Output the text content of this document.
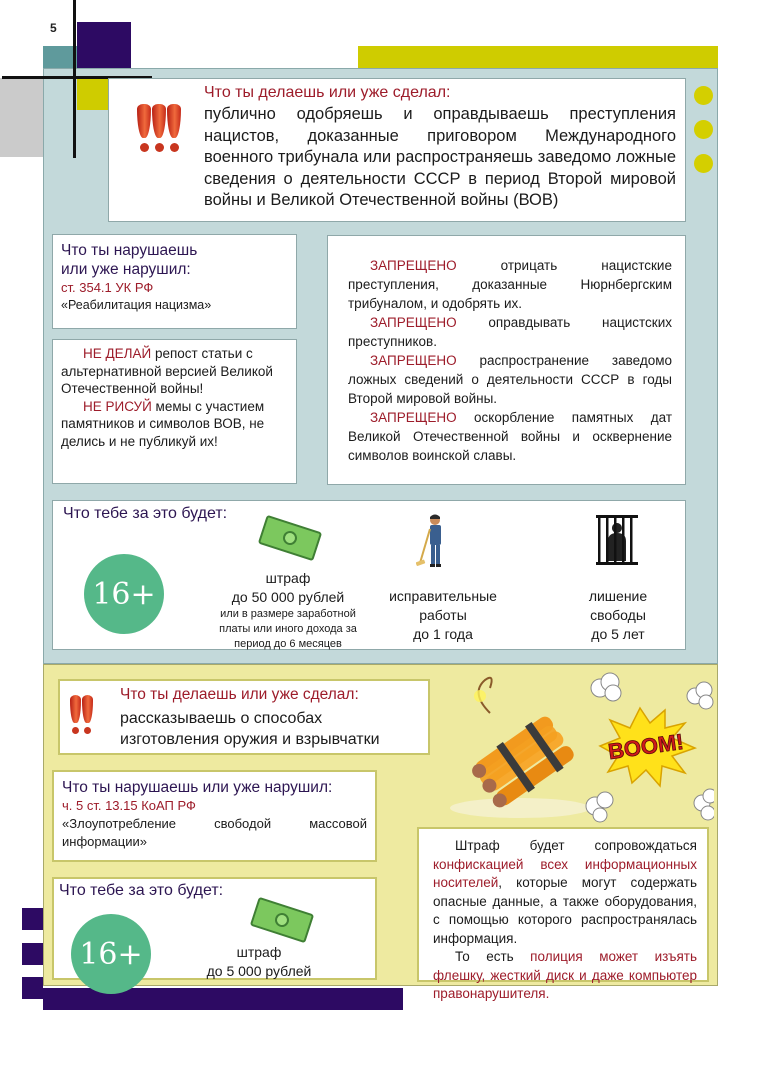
5
Что ты делаешь или уже сделал:
публично одобряешь и оправдываешь преступления нацистов, доказанные приговором Международного военного трибунала или распространяешь заведомо ложные сведения о деятельности СССР в период Второй мировой войны и Великой Отечественной войны (ВОВ)
Что ты нарушаешь
или уже нарушил:
ст. 354.1 УК РФ
«Реабилитация нацизма»
НЕ ДЕЛАЙ репост статьи с альтернативной версией Великой Отечественной войны!
НЕ РИСУЙ мемы с участием памятников и символов ВОВ, не делись и не публикуй их!
ЗАПРЕЩЕНО отрицать нацистские преступления, доказанные Нюрнбергским трибуналом, и одобрять их.
ЗАПРЕЩЕНО оправдывать нацистских преступников.
ЗАПРЕЩЕНО распространение заведомо ложных сведений о деятельности СССР в годы Второй мировой войны.
ЗАПРЕЩЕНО оскорбление памятных дат Великой Отечественной войны и осквернение символов воинской славы.
Что тебе за это будет:
16+	штраф
до 50 000 рублей
или в размере заработной
платы или иного дохода за
период до 6 месяцев
исправительные
работы
до 1 года
лишение
свободы
до 5 лет
Что ты делаешь или уже сделал:
рассказываешь о способах
изготовления оружия и взрывчатки	BOOM!
Что ты нарушаешь или уже нарушил:
ч. 5 ст. 13.15 КоАП РФ
«Злоупотребление свободой массовой информации»
Что тебе за это будет:
16+	штраф
до 5 000 рублей
Штраф будет сопровождаться конфискацией всех информационных носителей, которые могут содержать опасные данные, а также оборудования, с помощью которого распространялась информация.
То есть полиция может изъять флешку, жесткий диск и даже компьютер правонарушителя.
